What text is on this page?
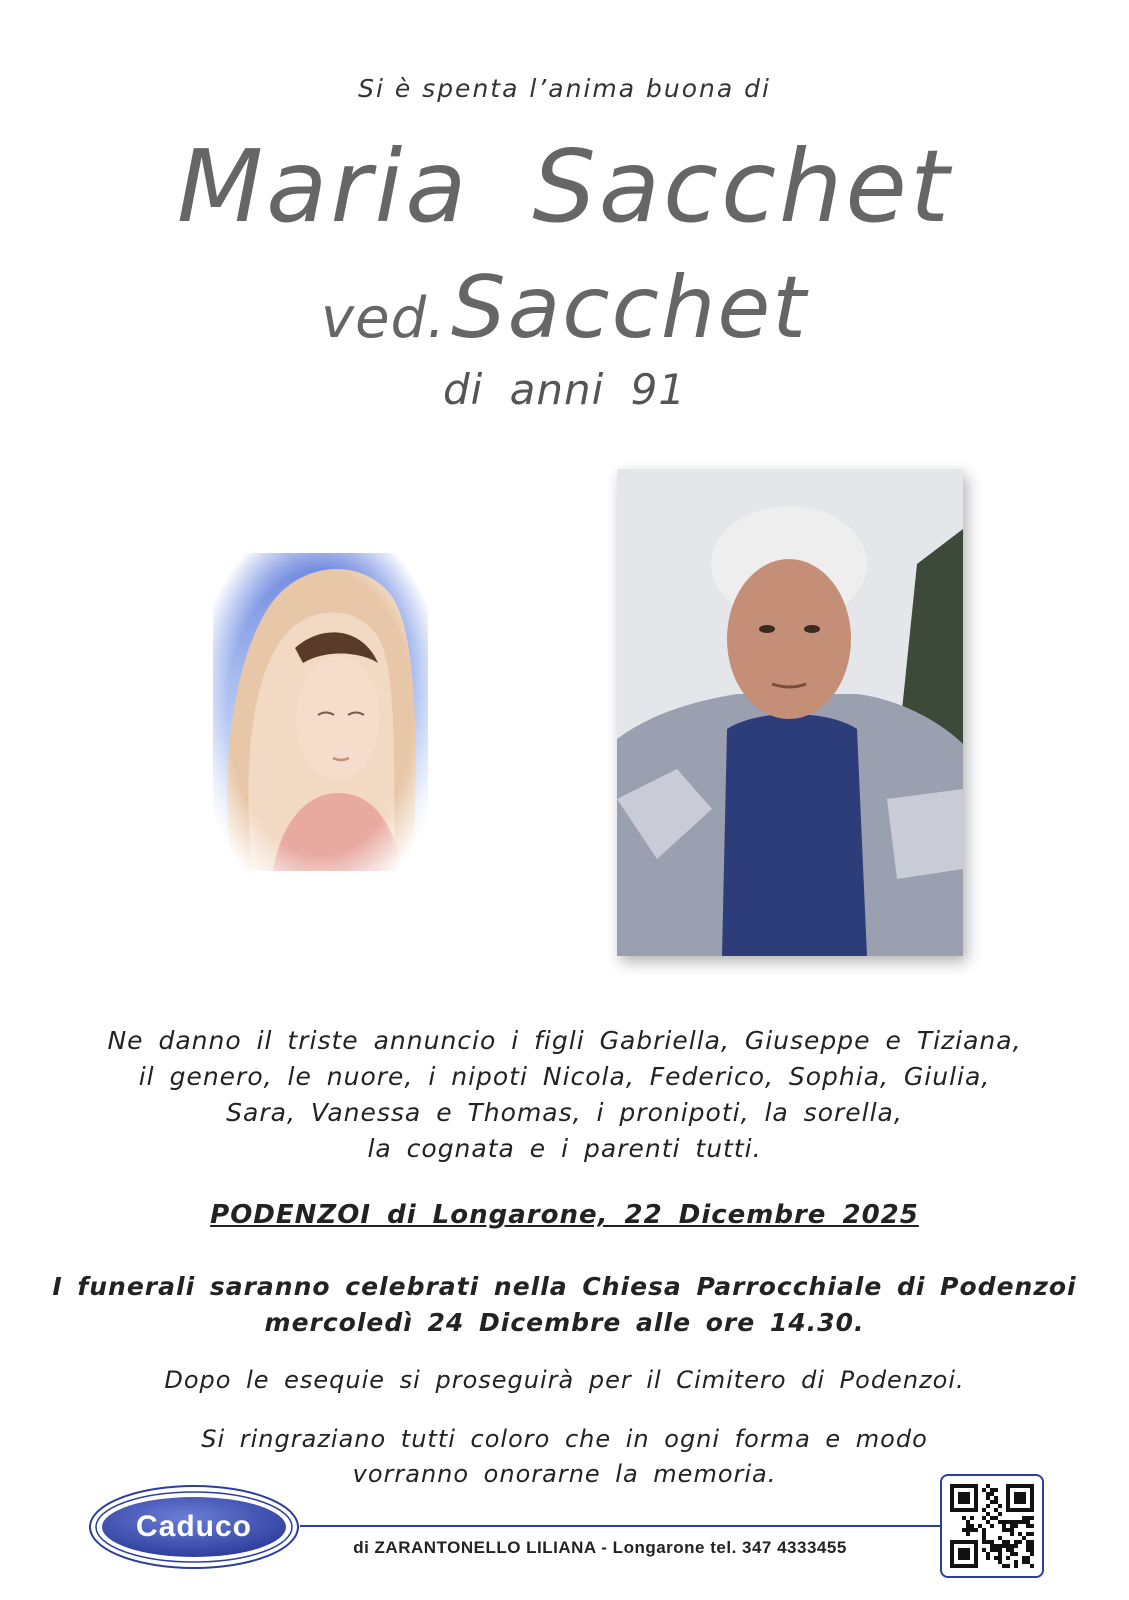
Si è spenta l’anima buona di
Maria Sacchet
ved. Sacchet
di anni 91
Ne danno il triste annuncio i figli Gabriella, Giuseppe e Tiziana,
il genero, le nuore, i nipoti Nicola, Federico, Sophia, Giulia,
Sara, Vanessa e Thomas, i pronipoti, la sorella,
la cognata e i parenti tutti.
PODENZOI di Longarone, 22 Dicembre 2025
I funerali saranno celebrati nella Chiesa Parrocchiale di Podenzoi
mercoledì 24 Dicembre alle ore 14.30.
Dopo le esequie si proseguirà per il Cimitero di Podenzoi.
Si ringraziano tutti coloro che in ogni forma e modo
vorranno onorarne la memoria.
Caduco
di ZARANTONELLO LILIANA - Longarone tel. 347 4333455
